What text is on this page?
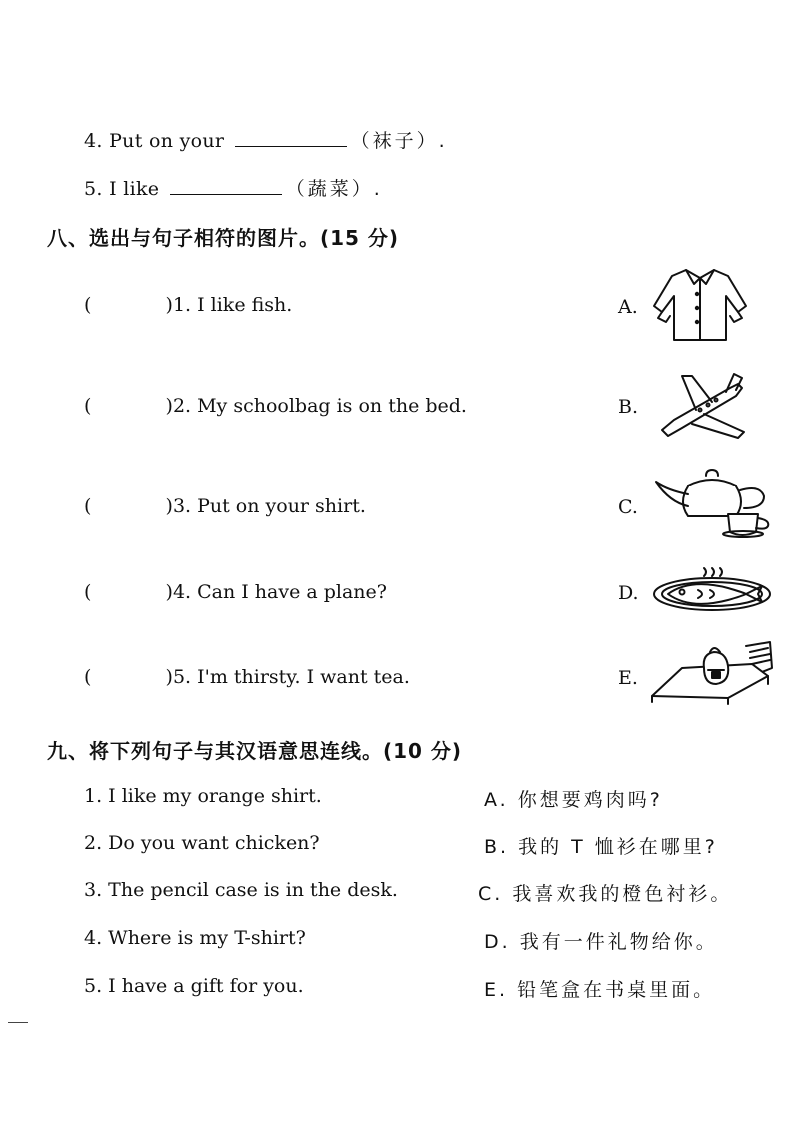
4. Put on your	（袜子）.
5. I like	（蔬菜）.
八、选出与句子相符的图片。(15 分)
(	)1. I like fish.
(	)2. My schoolbag is on the bed.
(	)3. Put on your shirt.
(	)4. Can I have a plane?
(	)5. I'm thirsty. I want tea.
A.
B.
C.
D.
E.
九、将下列句子与其汉语意思连线。(10 分)
1. I like my orange shirt.
2. Do you want chicken?
3. The pencil case is in the desk.
4. Where is my T-shirt?
5. I have a gift for you.
A. 你想要鸡肉吗?
B. 我的 T 恤衫在哪里?
C. 我喜欢我的橙色衬衫。
D. 我有一件礼物给你。
E. 铅笔盒在书桌里面。
